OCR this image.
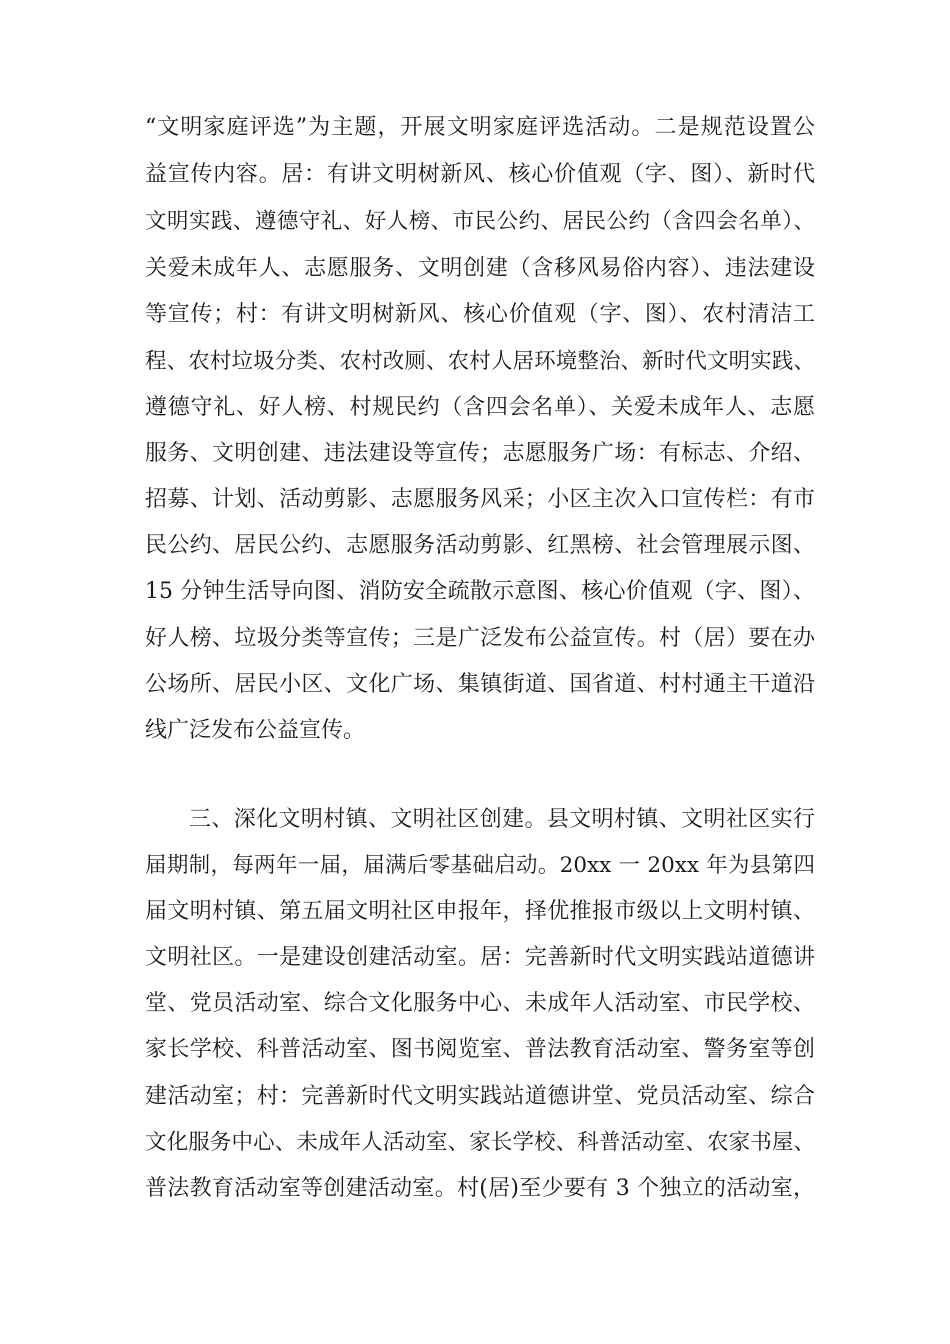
“文明家庭评选”为主题，开展文明家庭评选活动。二是规范设置公
益宣传内容。居：有讲文明树新风、核心价值观（字、图）、新时代
文明实践、遵德守礼、好人榜、市民公约、居民公约（含四会名单）、
关爱未成年人、志愿服务、文明创建（含移风易俗内容）、违法建设
等宣传；村：有讲文明树新风、核心价值观（字、图）、农村清洁工
程、农村垃圾分类、农村改厕、农村人居环境整治、新时代文明实践、
遵德守礼、好人榜、村规民约（含四会名单）、关爱未成年人、志愿
服务、文明创建、违法建设等宣传；志愿服务广场：有标志、介绍、
招募、计划、活动剪影、志愿服务风采；小区主次入口宣传栏：有市
民公约、居民公约、志愿服务活动剪影、红黑榜、社会管理展示图、
15 分钟生活导向图、消防安全疏散示意图、核心价值观（字、图）、
好人榜、垃圾分类等宣传；三是广泛发布公益宣传。村（居）要在办
公场所、居民小区、文化广场、集镇街道、国省道、村村通主干道沿
线广泛发布公益宣传。
三、深化文明村镇、文明社区创建。县文明村镇、文明社区实行
届期制，每两年一届，届满后零基础启动。20xx 一 20xx 年为县第四
届文明村镇、第五届文明社区申报年，择优推报市级以上文明村镇、
文明社区。一是建设创建活动室。居：完善新时代文明实践站道德讲
堂、党员活动室、综合文化服务中心、未成年人活动室、市民学校、
家长学校、科普活动室、图书阅览室、普法教育活动室、警务室等创
建活动室；村：完善新时代文明实践站道德讲堂、党员活动室、综合
文化服务中心、未成年人活动室、家长学校、科普活动室、农家书屋、
普法教育活动室等创建活动室。村(居)至少要有 3 个独立的活动室，
